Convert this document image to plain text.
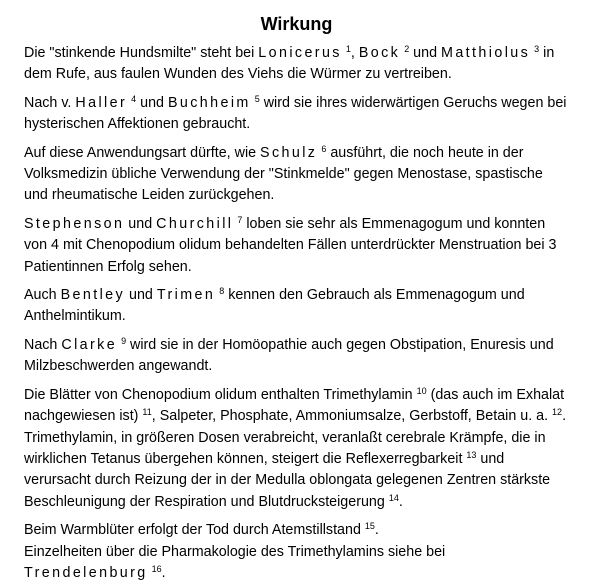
Wirkung

Die "stinkende Hundsmilte" steht bei Lonicerus $^1$, Bock $^2$ und Matthiolus $^3$ in dem Rufe, aus faulen Wunden des Viehs die Würmer zu vertreiben.

Nach v. Haller $^4$ und Buchheim $^5$ wird sie ihres widerwärtigen Geruchs wegen bei hysterischen Affektionen gebraucht.

Auf diese Anwendungsart dürfte, wie Schulz $^6$ ausführt, die noch heute in der Volksmedizin übliche Verwendung der "Stinkmelde" gegen Menostase, spastische und rheumatische Leiden zurückgehen.

Stephenson und Churchill $^7$ loben sie sehr als Emmenagogum und konnten von 4 mit Chenopodium olidum behandelten Fällen unterdrückter Menstruation bei 3 Patientinnen Erfolg sehen.

Auch Bentley und Trimen $^8$ kennen den Gebrauch als Emmenagogum und Anthelmintikum.

Nach Clarke $^9$ wird sie in der Homöopathie auch gegen Obstipation, Enuresis und Milzbeschwerden angewandt.

Die Blätter von Chenopodium olidum enthalten Trimethylamin $^{10}$ (das auch im Exhalat nachgewiesen ist) $^{11}$, Salpeter, Phosphate, Ammoniumsalze, Gerbstoff, Betain u. a. $^{12}$.

Trimethylamin, in größeren Dosen verabreicht, veranlaßt cerebrale Krämpfe, die in wirklichen Tetanus übergehen können, steigert die Reflexerregbarkeit $^{13}$ und verursacht durch Reizung der in der Medulla oblongata gelegenen Zentren stärkste Beschleunigung der Respiration und Blutdrucksteigerung $^{14}$.

Beim Warmblüter erfolgt der Tod durch Atemstillstand $^{15}$.

Einzelheiten über die Pharmakologie des Trimethylamins siehe bei Trendelenburg $^{16}$.
